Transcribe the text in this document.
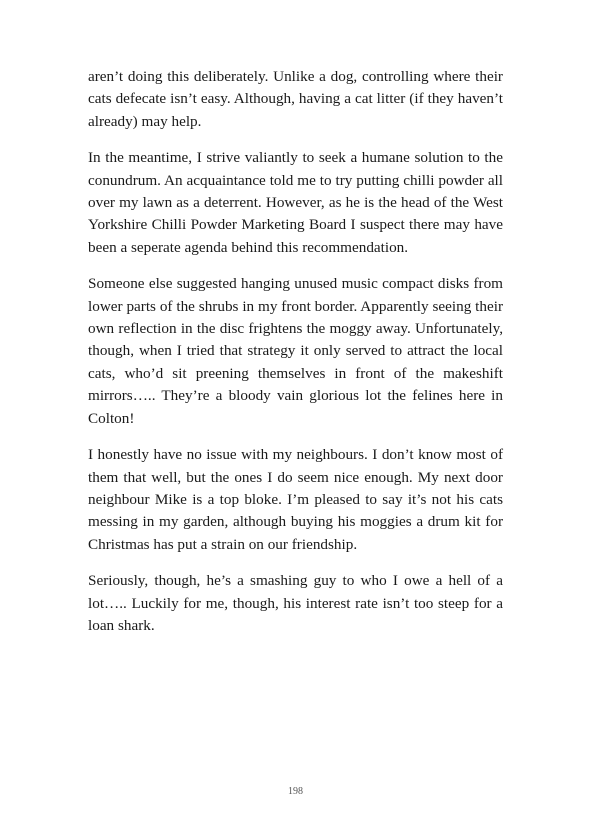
aren’t doing this deliberately. Unlike a dog, controlling where their cats defecate isn’t easy. Although, having a cat litter (if they haven’t already) may help.

In the meantime, I strive valiantly to seek a humane solution to the conundrum. An acquaintance told me to try putting chilli powder all over my lawn as a deterrent. However, as he is the head of the West Yorkshire Chilli Powder Marketing Board I suspect there may have been a seperate agenda behind this recommendation.

Someone else suggested hanging unused music compact disks from lower parts of the shrubs in my front border. Apparently seeing their own reflection in the disc frightens the moggy away. Unfortunately, though, when I tried that strategy it only served to attract the local cats, who’d sit preening themselves in front of the makeshift mirrors….. They’re a bloody vain glorious lot the felines here in Colton!

I honestly have no issue with my neighbours. I don’t know most of them that well, but the ones I do seem nice enough. My next door neighbour Mike is a top bloke. I’m pleased to say it’s not his cats messing in my garden, although buying his moggies a drum kit for Christmas has put a strain on our friendship.

Seriously, though, he’s a smashing guy to who I owe a hell of a lot….. Luckily for me, though, his interest rate isn’t too steep for a loan shark.

198
